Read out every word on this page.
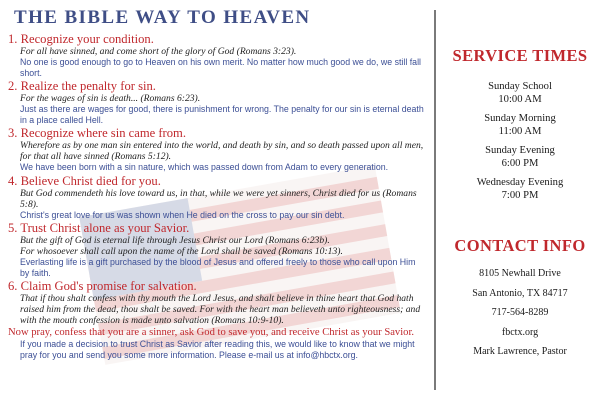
THE BIBLE WAY TO HEAVEN

1. Recognize your condition.

For all have sinned, and come short of the glory of God (Romans 3:23).

No one is good enough to go to Heaven on his own merit. No matter how much good we do, we still fall short.

2. Realize the penalty for sin.

For the wages of sin is death... (Romans 6:23).

Just as there are wages for good, there is punishment for wrong. The penalty for our sin is eternal death in a place called Hell.

3. Recognize where sin came from.

Wherefore as by one man sin entered into the world, and death by sin, and so death passed upon all men, for that all have sinned (Romans 5:12).

We have been born with a sin nature, which was passed down from Adam to every generation.

4. Believe Christ died for you.

But God commendeth his love toward us, in that, while we were yet sinners, Christ died for us (Romans 5:8).

Christ's great love for us was shown when He died on the cross to pay our sin debt.

5. Trust Christ alone as your Savior.

But the gift of God is eternal life through Jesus Christ our Lord (Romans 6:23b).

For whosoever shall call upon the name of the Lord shall be saved (Romans 10:13).

Everlasting life is a gift purchased by the blood of Jesus and offered freely to those who call upon Him by faith.

6. Claim God's promise for salvation.

That if thou shalt confess with thy mouth the Lord Jesus, and shalt believe in thine heart that God hath raised him from the dead, thou shalt be saved. For with the heart man believeth unto righteousness; and with the mouth confession is made unto salvation (Romans 10:9-10).

Now pray, confess that you are a sinner, ask God to save you, and receive Christ as your Savior.

If you made a decision to trust Christ as Savior after reading this, we would like to know that we might pray for you and send you some more information. Please e-mail us at info@hbctx.org.

SERVICE TIMES

Sunday School

10:00 AM

Sunday Morning

11:00 AM

Sunday Evening

6:00 PM

Wednesday Evening

7:00 PM

CONTACT INFO

8105 Newhall Drive

San Antonio, TX 84717

717-564-8289

fbctx.org

Mark Lawrence, Pastor
